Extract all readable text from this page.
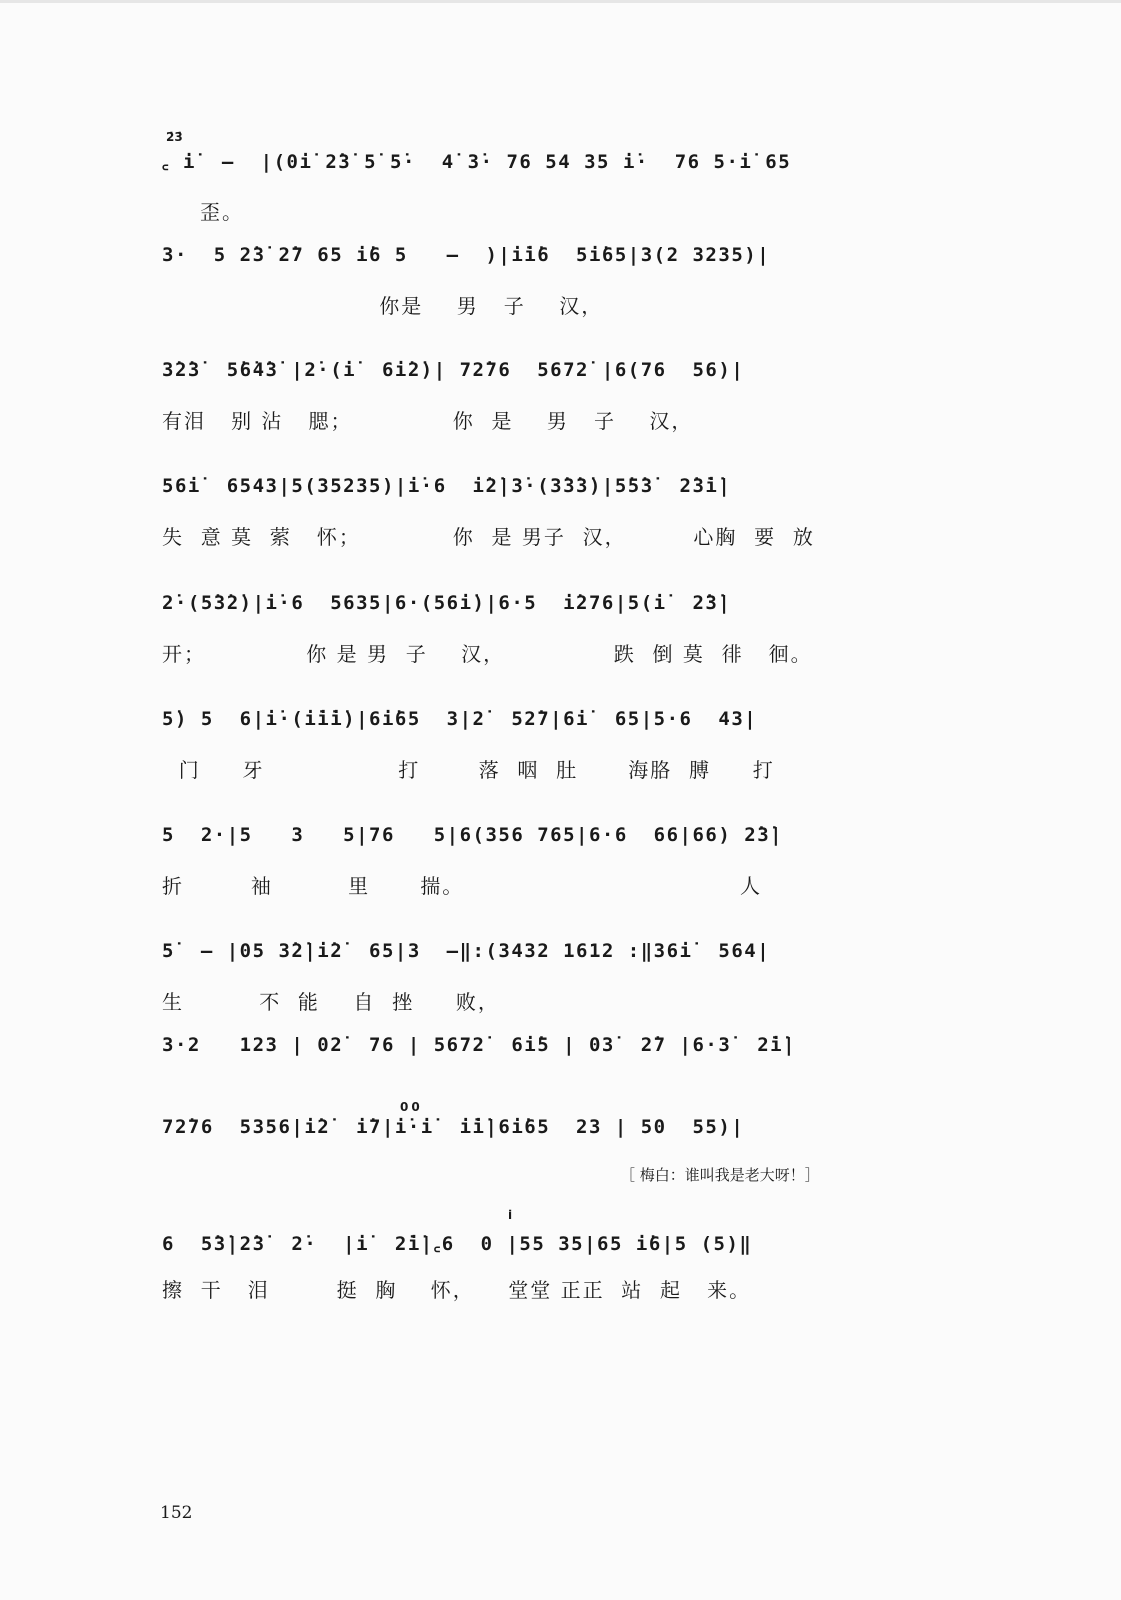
2̇3̇
꜀ i̇  –  |(0i̇ 2̇3̇ 5̇ 5̇·  4̇ 3̇· 76 54 35 i̇·  76 5·i̇ 65
歪。
3·  5 2̇3̇ 2̇7 65 i̇6 5   –  )|i̇i̇6  5i̇65|3(2 3235)|
你是    男   子    汉，
3̇2̇3̇  5̇6̇4̇3̇ |2̇·(i̇  6i̇2̇)| 72̇76  5672̇ |6(76  56)|
有泪   别 沾   腮；            你  是    男   子    汉，
56i̇  6543|5(35235)|i̇·6  i̇2̇|3̇·(3̇3̇3̇)|5̇5̇3̇  2̇3̇i̇|
失  意 莫  萦   怀；           你  是 男子  汉，        心胸  要  放
2̇·(5̇3̇2̇)|i̇·6  5635|6·(56i̇)|6·5  i̇276|5(i̇  2̇3̇|
开；            你 是 男  子    汉，             跌  倒 莫  徘   徊。
5̇) 5  6|i̇·(i̇i̇i̇)|6i̇65  3|2̇  52̇7|6i̇  65|5·6  43|
门     牙                打       落  咽  肚      海胳  膊     打
5  2·|5   3   5|76   5|6(356 765|6·6  66|66) 2̇3̇|
折        袖         里      揣。                                 人
5̇  – |05 3̇2̇|i̇2̇  65|3  –‖:(3432 1612 :‖36i̇  564|
生         不  能    自  挫     败，
3·2   123 | 02̇  76 | 5672̇  6i̇5 | 03̇  2̇7 |6·3̇  2̇i̇|
00
72̇76  5356|i̇2̇  i̇7|i̇·i̇  i̇i̇|6i̇65  23 | 50  55)|
［ 梅白：谁叫我是老大呀！］
i̇
6  5̇3̇|2̇3̇  2̇·  |i̇  2̇i̇|꜀6  0 |55 35|65 i̇6|5 (5)‖
擦  干   泪        挺  胸    怀，    堂堂 正正  站  起   来。
152
